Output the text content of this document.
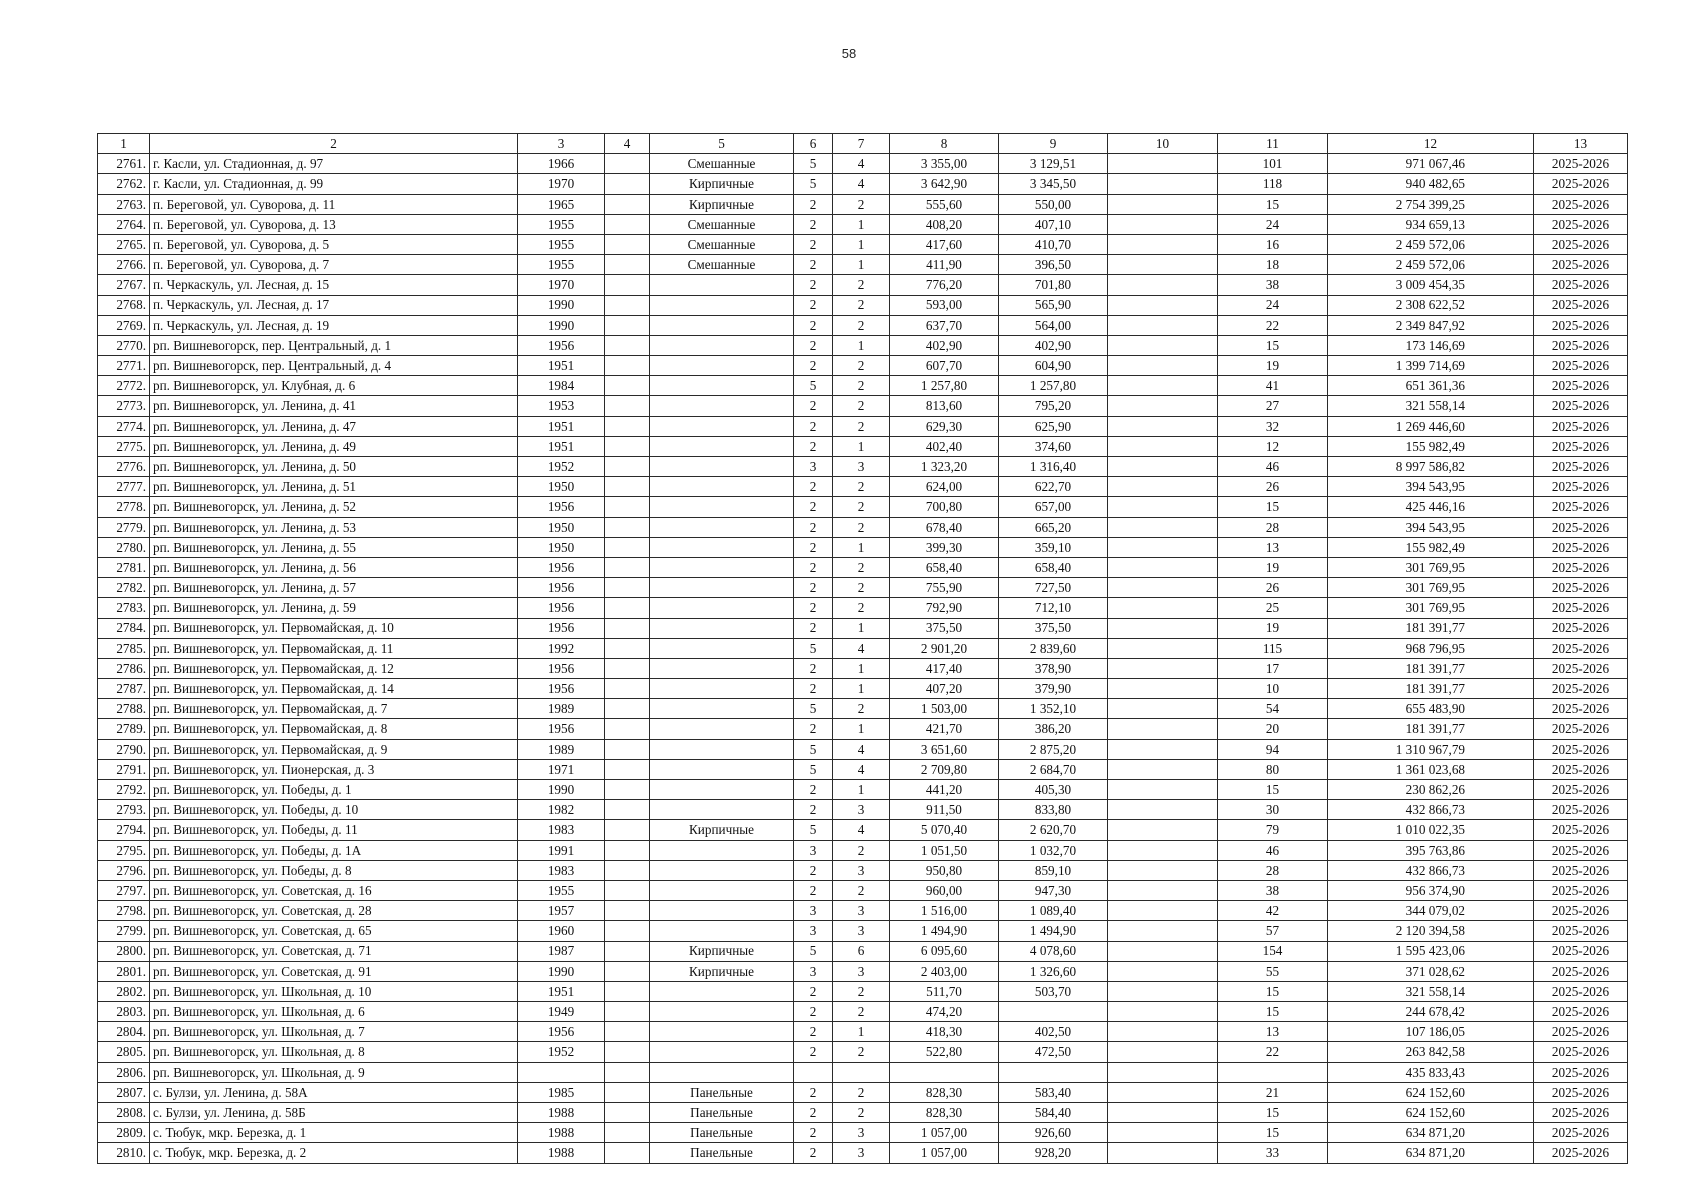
58
1	2	3	4	5	6	7	8	9	10	11	12	13
2761.	г. Касли, ул. Стадионная, д. 97	1966		Смешанные	5	4	3 355,00	3 129,51		101	971 067,46	2025-2026
2762.	г. Касли, ул. Стадионная, д. 99	1970		Кирпичные	5	4	3 642,90	3 345,50		118	940 482,65	2025-2026
2763.	п. Береговой, ул. Суворова, д. 11	1965		Кирпичные	2	2	555,60	550,00		15	2 754 399,25	2025-2026
2764.	п. Береговой, ул. Суворова, д. 13	1955		Смешанные	2	1	408,20	407,10		24	934 659,13	2025-2026
2765.	п. Береговой, ул. Суворова, д. 5	1955		Смешанные	2	1	417,60	410,70		16	2 459 572,06	2025-2026
2766.	п. Береговой, ул. Суворова, д. 7	1955		Смешанные	2	1	411,90	396,50		18	2 459 572,06	2025-2026
2767.	п. Черкаскуль, ул. Лесная, д. 15	1970			2	2	776,20	701,80		38	3 009 454,35	2025-2026
2768.	п. Черкаскуль, ул. Лесная, д. 17	1990			2	2	593,00	565,90		24	2 308 622,52	2025-2026
2769.	п. Черкаскуль, ул. Лесная, д. 19	1990			2	2	637,70	564,00		22	2 349 847,92	2025-2026
2770.	рп. Вишневогорск, пер. Центральный, д. 1	1956			2	1	402,90	402,90		15	173 146,69	2025-2026
2771.	рп. Вишневогорск, пер. Центральный, д. 4	1951			2	2	607,70	604,90		19	1 399 714,69	2025-2026
2772.	рп. Вишневогорск, ул. Клубная, д. 6	1984			5	2	1 257,80	1 257,80		41	651 361,36	2025-2026
2773.	рп. Вишневогорск, ул. Ленина, д. 41	1953			2	2	813,60	795,20		27	321 558,14	2025-2026
2774.	рп. Вишневогорск, ул. Ленина, д. 47	1951			2	2	629,30	625,90		32	1 269 446,60	2025-2026
2775.	рп. Вишневогорск, ул. Ленина, д. 49	1951			2	1	402,40	374,60		12	155 982,49	2025-2026
2776.	рп. Вишневогорск, ул. Ленина, д. 50	1952			3	3	1 323,20	1 316,40		46	8 997 586,82	2025-2026
2777.	рп. Вишневогорск, ул. Ленина, д. 51	1950			2	2	624,00	622,70		26	394 543,95	2025-2026
2778.	рп. Вишневогорск, ул. Ленина, д. 52	1956			2	2	700,80	657,00		15	425 446,16	2025-2026
2779.	рп. Вишневогорск, ул. Ленина, д. 53	1950			2	2	678,40	665,20		28	394 543,95	2025-2026
2780.	рп. Вишневогорск, ул. Ленина, д. 55	1950			2	1	399,30	359,10		13	155 982,49	2025-2026
2781.	рп. Вишневогорск, ул. Ленина, д. 56	1956			2	2	658,40	658,40		19	301 769,95	2025-2026
2782.	рп. Вишневогорск, ул. Ленина, д. 57	1956			2	2	755,90	727,50		26	301 769,95	2025-2026
2783.	рп. Вишневогорск, ул. Ленина, д. 59	1956			2	2	792,90	712,10		25	301 769,95	2025-2026
2784.	рп. Вишневогорск, ул. Первомайская, д. 10	1956			2	1	375,50	375,50		19	181 391,77	2025-2026
2785.	рп. Вишневогорск, ул. Первомайская, д. 11	1992			5	4	2 901,20	2 839,60		115	968 796,95	2025-2026
2786.	рп. Вишневогорск, ул. Первомайская, д. 12	1956			2	1	417,40	378,90		17	181 391,77	2025-2026
2787.	рп. Вишневогорск, ул. Первомайская, д. 14	1956			2	1	407,20	379,90		10	181 391,77	2025-2026
2788.	рп. Вишневогорск, ул. Первомайская, д. 7	1989			5	2	1 503,00	1 352,10		54	655 483,90	2025-2026
2789.	рп. Вишневогорск, ул. Первомайская, д. 8	1956			2	1	421,70	386,20		20	181 391,77	2025-2026
2790.	рп. Вишневогорск, ул. Первомайская, д. 9	1989			5	4	3 651,60	2 875,20		94	1 310 967,79	2025-2026
2791.	рп. Вишневогорск, ул. Пионерская, д. 3	1971			5	4	2 709,80	2 684,70		80	1 361 023,68	2025-2026
2792.	рп. Вишневогорск, ул. Победы, д. 1	1990			2	1	441,20	405,30		15	230 862,26	2025-2026
2793.	рп. Вишневогорск, ул. Победы, д. 10	1982			2	3	911,50	833,80		30	432 866,73	2025-2026
2794.	рп. Вишневогорск, ул. Победы, д. 11	1983		Кирпичные	5	4	5 070,40	2 620,70		79	1 010 022,35	2025-2026
2795.	рп. Вишневогорск, ул. Победы, д. 1А	1991			3	2	1 051,50	1 032,70		46	395 763,86	2025-2026
2796.	рп. Вишневогорск, ул. Победы, д. 8	1983			2	3	950,80	859,10		28	432 866,73	2025-2026
2797.	рп. Вишневогорск, ул. Советская, д. 16	1955			2	2	960,00	947,30		38	956 374,90	2025-2026
2798.	рп. Вишневогорск, ул. Советская, д. 28	1957			3	3	1 516,00	1 089,40		42	344 079,02	2025-2026
2799.	рп. Вишневогорск, ул. Советская, д. 65	1960			3	3	1 494,90	1 494,90		57	2 120 394,58	2025-2026
2800.	рп. Вишневогорск, ул. Советская, д. 71	1987		Кирпичные	5	6	6 095,60	4 078,60		154	1 595 423,06	2025-2026
2801.	рп. Вишневогорск, ул. Советская, д. 91	1990		Кирпичные	3	3	2 403,00	1 326,60		55	371 028,62	2025-2026
2802.	рп. Вишневогорск, ул. Школьная, д. 10	1951			2	2	511,70	503,70		15	321 558,14	2025-2026
2803.	рп. Вишневогорск, ул. Школьная, д. 6	1949			2	2	474,20			15	244 678,42	2025-2026
2804.	рп. Вишневогорск, ул. Школьная, д. 7	1956			2	1	418,30	402,50		13	107 186,05	2025-2026
2805.	рп. Вишневогорск, ул. Школьная, д. 8	1952			2	2	522,80	472,50		22	263 842,58	2025-2026
2806.	рп. Вишневогорск, ул. Школьная, д. 9										435 833,43	2025-2026
2807.	с. Булзи, ул. Ленина, д. 58А	1985		Панельные	2	2	828,30	583,40		21	624 152,60	2025-2026
2808.	с. Булзи, ул. Ленина, д. 58Б	1988		Панельные	2	2	828,30	584,40		15	624 152,60	2025-2026
2809.	с. Тюбук, мкр. Березка, д. 1	1988		Панельные	2	3	1 057,00	926,60		15	634 871,20	2025-2026
2810.	с. Тюбук, мкр. Березка, д. 2	1988		Панельные	2	3	1 057,00	928,20		33	634 871,20	2025-2026
